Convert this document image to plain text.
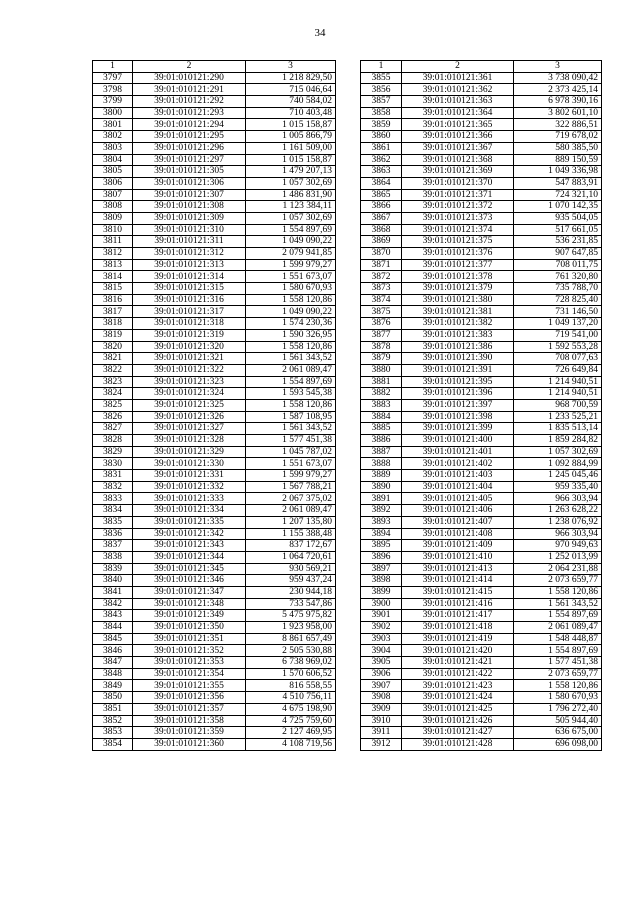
34
1	2	3
3797	39:01:010121:290	1 218 829,50
3798	39:01:010121:291	715 046,64
3799	39:01:010121:292	740 584,02
3800	39:01:010121:293	710 403,48
3801	39:01:010121:294	1 015 158,87
3802	39:01:010121:295	1 005 866,79
3803	39:01:010121:296	1 161 509,00
3804	39:01:010121:297	1 015 158,87
3805	39:01:010121:305	1 479 207,13
3806	39:01:010121:306	1 057 302,69
3807	39:01:010121:307	1 486 831,90
3808	39:01:010121:308	1 123 384,11
3809	39:01:010121:309	1 057 302,69
3810	39:01:010121:310	1 554 897,69
3811	39:01:010121:311	1 049 090,22
3812	39:01:010121:312	2 079 941,85
3813	39:01:010121:313	1 599 979,27
3814	39:01:010121:314	1 551 673,07
3815	39:01:010121:315	1 580 670,93
3816	39:01:010121:316	1 558 120,86
3817	39:01:010121:317	1 049 090,22
3818	39:01:010121:318	1 574 230,36
3819	39:01:010121:319	1 590 326,95
3820	39:01:010121:320	1 558 120,86
3821	39:01:010121:321	1 561 343,52
3822	39:01:010121:322	2 061 089,47
3823	39:01:010121:323	1 554 897,69
3824	39:01:010121:324	1 593 545,38
3825	39:01:010121:325	1 558 120,86
3826	39:01:010121:326	1 587 108,95
3827	39:01:010121:327	1 561 343,52
3828	39:01:010121:328	1 577 451,38
3829	39:01:010121:329	1 045 787,02
3830	39:01:010121:330	1 551 673,07
3831	39:01:010121:331	1 599 979,27
3832	39:01:010121:332	1 567 788,21
3833	39:01:010121:333	2 067 375,02
3834	39:01:010121:334	2 061 089,47
3835	39:01:010121:335	1 207 135,80
3836	39:01:010121:342	1 155 388,48
3837	39:01:010121:343	837 172,67
3838	39:01:010121:344	1 064 720,61
3839	39:01:010121:345	930 569,21
3840	39:01:010121:346	959 437,24
3841	39:01:010121:347	230 944,18
3842	39:01:010121:348	733 547,86
3843	39:01:010121:349	5 475 975,82
3844	39:01:010121:350	1 923 958,00
3845	39:01:010121:351	8 861 657,49
3846	39:01:010121:352	2 505 530,88
3847	39:01:010121:353	6 738 969,02
3848	39:01:010121:354	1 570 606,52
3849	39:01:010121:355	816 558,55
3850	39:01:010121:356	4 510 756,11
3851	39:01:010121:357	4 675 198,90
3852	39:01:010121:358	4 725 759,60
3853	39:01:010121:359	2 127 469,95
3854	39:01:010121:360	4 108 719,56
1	2	3
3855	39:01:010121:361	3 738 090,42
3856	39:01:010121:362	2 373 425,14
3857	39:01:010121:363	6 978 390,16
3858	39:01:010121:364	3 802 601,10
3859	39:01:010121:365	322 886,51
3860	39:01:010121:366	719 678,02
3861	39:01:010121:367	580 385,50
3862	39:01:010121:368	889 150,59
3863	39:01:010121:369	1 049 336,98
3864	39:01:010121:370	547 883,91
3865	39:01:010121:371	724 321,10
3866	39:01:010121:372	1 070 142,35
3867	39:01:010121:373	935 504,05
3868	39:01:010121:374	517 661,05
3869	39:01:010121:375	536 231,85
3870	39:01:010121:376	907 647,85
3871	39:01:010121:377	708 011,75
3872	39:01:010121:378	761 320,80
3873	39:01:010121:379	735 788,70
3874	39:01:010121:380	728 825,40
3875	39:01:010121:381	731 146,50
3876	39:01:010121:382	1 049 137,20
3877	39:01:010121:383	719 541,00
3878	39:01:010121:386	1 592 553,28
3879	39:01:010121:390	708 077,63
3880	39:01:010121:391	726 649,84
3881	39:01:010121:395	1 214 940,51
3882	39:01:010121:396	1 214 940,51
3883	39:01:010121:397	968 700,59
3884	39:01:010121:398	1 233 525,21
3885	39:01:010121:399	1 835 513,14
3886	39:01:010121:400	1 859 284,82
3887	39:01:010121:401	1 057 302,69
3888	39:01:010121:402	1 092 884,99
3889	39:01:010121:403	1 245 045,46
3890	39:01:010121:404	959 335,40
3891	39:01:010121:405	966 303,94
3892	39:01:010121:406	1 263 628,22
3893	39:01:010121:407	1 238 076,92
3894	39:01:010121:408	966 303,94
3895	39:01:010121:409	970 949,63
3896	39:01:010121:410	1 252 013,99
3897	39:01:010121:413	2 064 231,88
3898	39:01:010121:414	2 073 659,77
3899	39:01:010121:415	1 558 120,86
3900	39:01:010121:416	1 561 343,52
3901	39:01:010121:417	1 554 897,69
3902	39:01:010121:418	2 061 089,47
3903	39:01:010121:419	1 548 448,87
3904	39:01:010121:420	1 554 897,69
3905	39:01:010121:421	1 577 451,38
3906	39:01:010121:422	2 073 659,77
3907	39:01:010121:423	1 558 120,86
3908	39:01:010121:424	1 580 670,93
3909	39:01:010121:425	1 796 272,40
3910	39:01:010121:426	505 944,40
3911	39:01:010121:427	636 675,00
3912	39:01:010121:428	696 098,00
